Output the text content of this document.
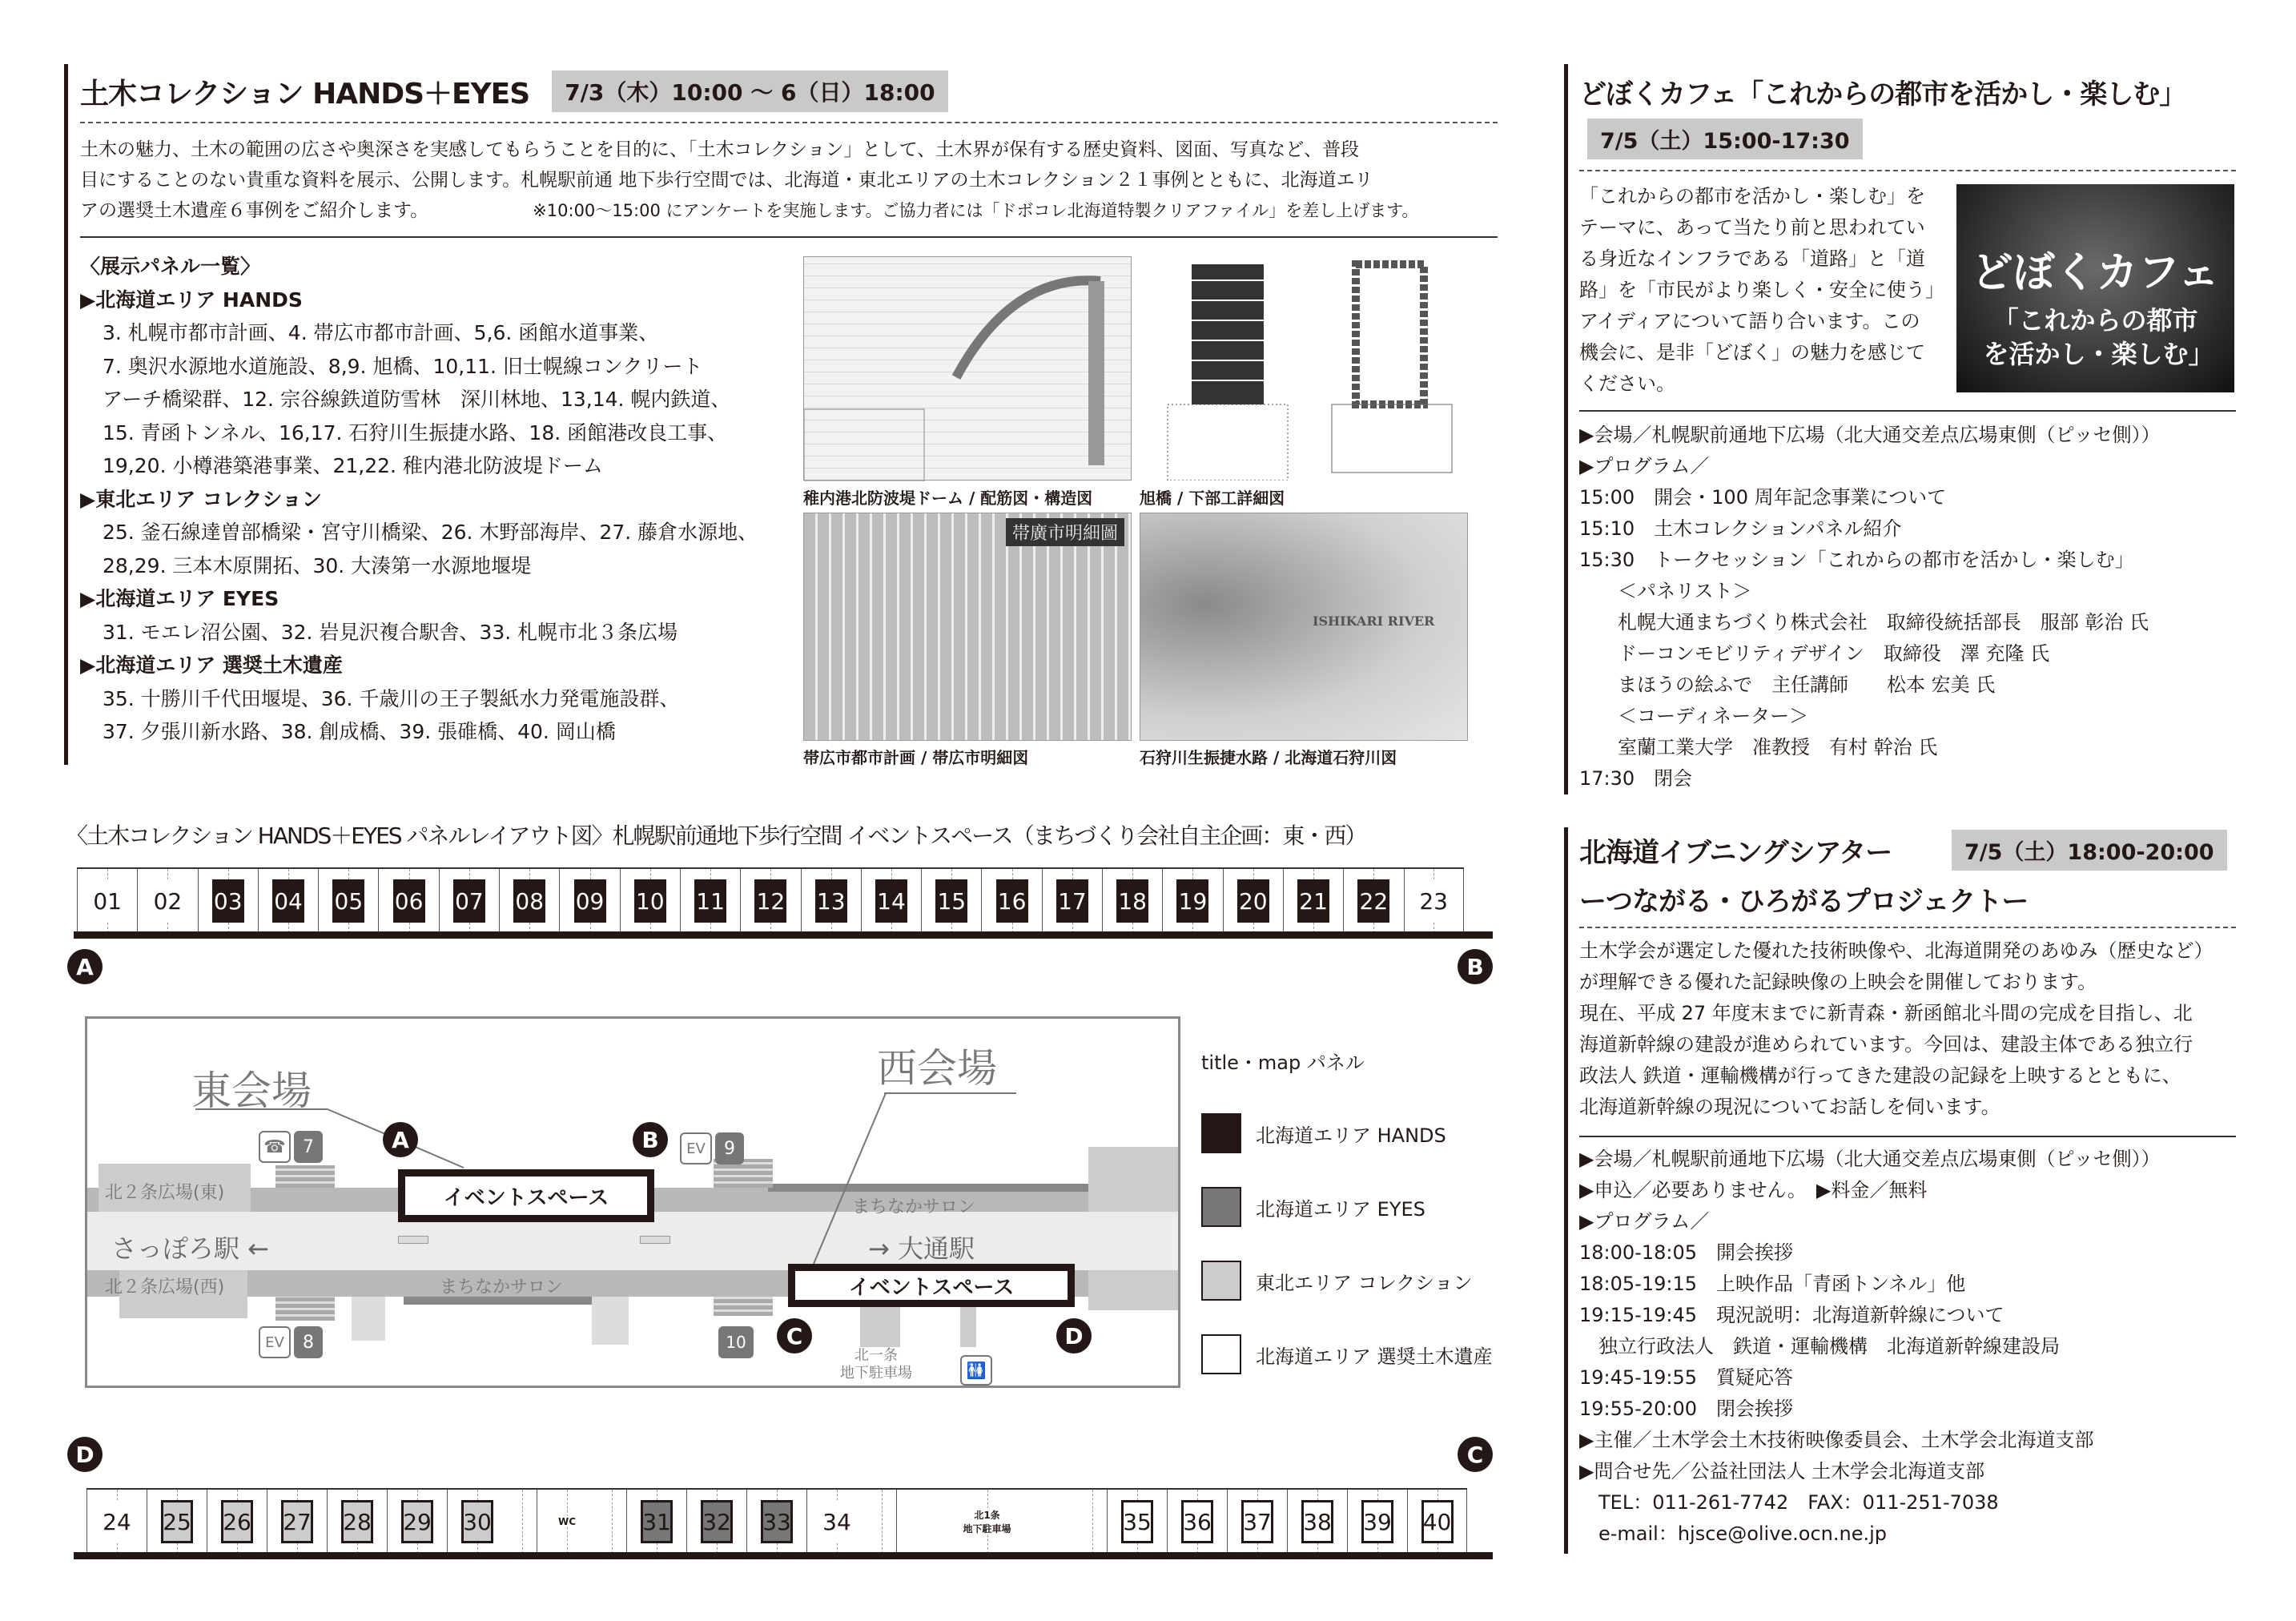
土木コレクション HANDS＋EYES	7/3（木）10:00 ～ 6（日）18:00
土木の魅力、土木の範囲の広さや奥深さを実感してもらうことを目的に、「土木コレクション」として、土木界が保有する歴史資料、図面、写真など、普段
目にすることのない貴重な資料を展示、公開します。札幌駅前通 地下歩行空間では、北海道・東北エリアの土木コレクション２１事例とともに、北海道エリ
アの選奨土木遺産６事例をご紹介します。	※10:00～15:00 にアンケートを実施します。ご協力者には「ドボコレ北海道特製クリアファイル」を差し上げます。
〈展示パネル一覧〉
▶北海道エリア HANDS
3. 札幌市都市計画、4. 帯広市都市計画、5,6. 函館水道事業、
7. 奥沢水源地水道施設、8,9. 旭橋、10,11. 旧士幌線コンクリート
アーチ橋梁群、12. 宗谷線鉄道防雪林　深川林地、13,14. 幌内鉄道、
15. 青函トンネル、16,17. 石狩川生振捷水路、18. 函館港改良工事、
19,20. 小樽港築港事業、21,22. 稚内港北防波堤ドーム
▶東北エリア コレクション
25. 釜石線達曽部橋梁・宮守川橋梁、26. 木野部海岸、27. 藤倉水源地、
28,29. 三本木原開拓、30. 大湊第一水源地堰堤
▶北海道エリア EYES
31. モエレ沼公園、32. 岩見沢複合駅舎、33. 札幌市北３条広場
▶北海道エリア 選奨土木遺産
35. 十勝川千代田堰堤、36. 千歳川の王子製紙水力発電施設群、
37. 夕張川新水路、38. 創成橋、39. 張碓橋、40. 岡山橋
稚内港北防波堤ドーム / 配筋図・構造図	旭橋 / 下部工詳細図
帯廣市明細圖
帯広市都市計画 / 帯広市明細図
ISHIKARI RIVER
石狩川生振捷水路 / 北海道石狩川図
〈土木コレクション HANDS＋EYES パネルレイアウト図〉札幌駅前通地下歩行空間 イベントスペース（まちづくり会社自主企画：東・西）
01 02 03 04 05 06 07 08 09 10 11 12 13 14 15 16 17 18 19 20 21 22 23
A	B
東会場	西会場
イベントスペース
イベントスペース
北２条広場(東)
北２条広場(西)
まちなかサロン
まちなかサロン
さっぽろ駅 ←	→ 大通駅
北一条
地下駐車場
☎ 7	EV	9
EV	8	10
🚻
A	B
C	D
title・map パネル
北海道エリア HANDS
北海道エリア EYES
東北エリア コレクション
北海道エリア 選奨土木遺産
D	C
24 25 26 27 28 29 30	WC	31 32 33 34	北1条
地下駐車場	35 36 37 38 39 40
どぼくカフェ「これからの都市を活かし・楽しむ」
7/5（土）15:00-17:30
「これからの都市を活かし・楽しむ」を
テーマに、あって当たり前と思われてい
る身近なインフラである「道路」と「道
路」を「市民がより楽しく・安全に使う」
アイディアについて語り合います。この
機会に、是非「どぼく」の魅力を感じて
ください。
どぼくカフェ
「これからの都市を活かし・楽しむ」
▶会場／札幌駅前通地下広場（北大通交差点広場東側（ピッセ側））
▶プログラム／
15:00　開会・100 周年記念事業について
15:10　土木コレクションパネル紹介
15:30　トークセッション「これからの都市を活かし・楽しむ」
　　＜パネリスト＞
　　札幌大通まちづくり株式会社　取締役統括部長　服部 彰治 氏
　　ドーコンモビリティデザイン　取締役　澤 充隆 氏
　　まほうの絵ふで　主任講師　　松本 宏美 氏
　　＜コーディネーター＞
　　室蘭工業大学　准教授　有村 幹治 氏
17:30　閉会
北海道イブニングシアター	7/5（土）18:00-20:00
ーつながる・ひろがるプロジェクトー
土木学会が選定した優れた技術映像や、北海道開発のあゆみ（歴史など）
が理解できる優れた記録映像の上映会を開催しております。
現在、平成 27 年度末までに新青森・新函館北斗間の完成を目指し、北
海道新幹線の建設が進められています。今回は、建設主体である独立行
政法人 鉄道・運輸機構が行ってきた建設の記録を上映するとともに、
北海道新幹線の現況についてお話しを伺います。
▶会場／札幌駅前通地下広場（北大通交差点広場東側（ピッセ側））
▶申込／必要ありません。　▶料金／無料
▶プログラム／
18:00-18:05　開会挨拶
18:05-19:15　上映作品「青函トンネル」他
19:15-19:45　現況説明：北海道新幹線について
　独立行政法人　鉄道・運輸機構　北海道新幹線建設局
19:45-19:55　質疑応答
19:55-20:00　閉会挨拶
▶主催／土木学会土木技術映像委員会、土木学会北海道支部
▶問合せ先／公益社団法人 土木学会北海道支部
　TEL：011-261-7742　FAX：011-251-7038
　e-mail：hjsce@olive.ocn.ne.jp
